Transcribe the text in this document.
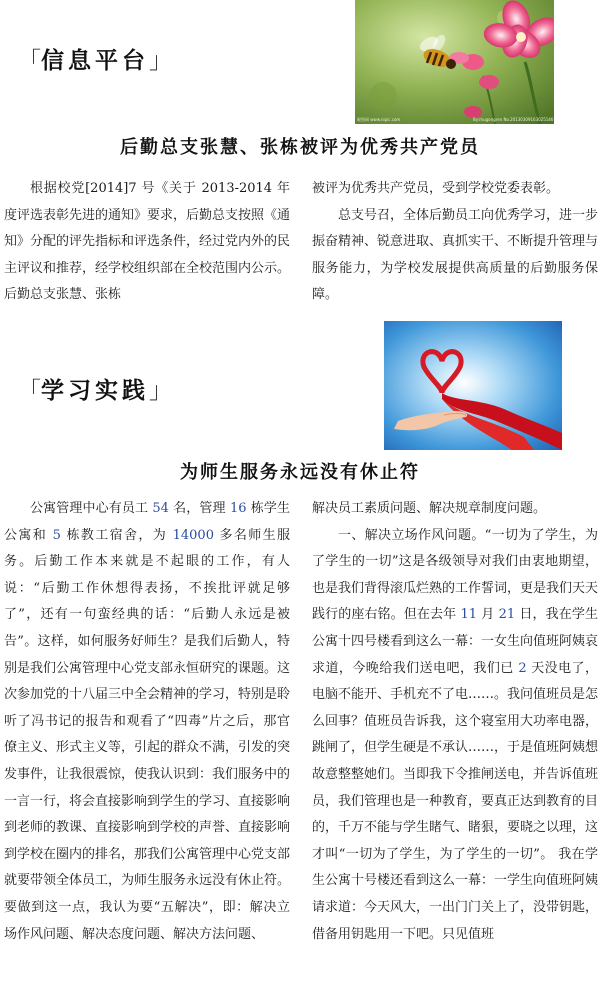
「信息平台」
昵图网 www.nipic.com	By:mugongren No.20130309163025146
后勤总支张慧、张栋被评为优秀共产党员

根据校党[2014]7 号《关于 2013-2014 年度评选表彰先进的通知》要求，后勤总支按照《通知》分配的评先指标和评选条件，经过党内外的民主评议和推荐，经学校组织部在全校范围内公示。后勤总支张慧、张栋

被评为优秀共产党员，受到学校党委表彰。

总支号召，全体后勤员工向优秀学习，进一步振奋精神、锐意进取、真抓实干、不断提升管理与服务能力，为学校发展提供高质量的后勤服务保障。

「学习实践」
为师生服务永远没有休止符

公寓管理中心有员工 54 名，管理 16 栋学生公寓和 5 栋教工宿舍，为 14000 多名师生服务。后勤工作本来就是不起眼的工作，有人说：“后勤工作休想得表扬，不挨批评就足够了”，还有一句蛮经典的话：“后勤人永远是被告”。这样，如何服务好师生？是我们后勤人，特别是我们公寓管理中心党支部永恒研究的课题。这次参加党的十八届三中全会精神的学习，特别是聆听了冯书记的报告和观看了“四毒”片之后，那官僚主义、形式主义等，引起的群众不满，引发的突发事件，让我很震惊，使我认识到：我们服务中的一言一行，将会直接影响到学生的学习、直接影响到老师的教课、直接影响到学校的声誉、直接影响到学校在圈内的排名，那我们公寓管理中心党支部就要带领全体员工，为师生服务永远没有休止符。要做到这一点，我认为要“五解决”，即：解决立场作风问题、解决态度问题、解决方法问题、

解决员工素质问题、解决规章制度问题。

一、解决立场作风问题。“一切为了学生，为了学生的一切”这是各级领导对我们由衷地期望，也是我们背得滚瓜烂熟的工作誓词，更是我们天天践行的座右铭。但在去年 11 月 21 日，我在学生公寓十四号楼看到这么一幕：一女生向值班阿姨哀求道，今晚给我们送电吧，我们已 2 天没电了，电脑不能开、手机充不了电……。我问值班员是怎么回事？值班员告诉我，这个寝室用大功率电器，跳闸了，但学生硬是不承认……，于是值班阿姨想故意整整她们。当即我下令推闸送电，并告诉值班员，我们管理也是一种教育，要真正达到教育的目的，千万不能与学生睹气、睹狠，要晓之以理，这才叫“一切为了学生，为了学生的一切”。 我在学生公寓十号楼还看到这么一幕：一学生向值班阿姨请求道：今天风大，一出门门关上了，没带钥匙，借备用钥匙用一下吧。只见值班
